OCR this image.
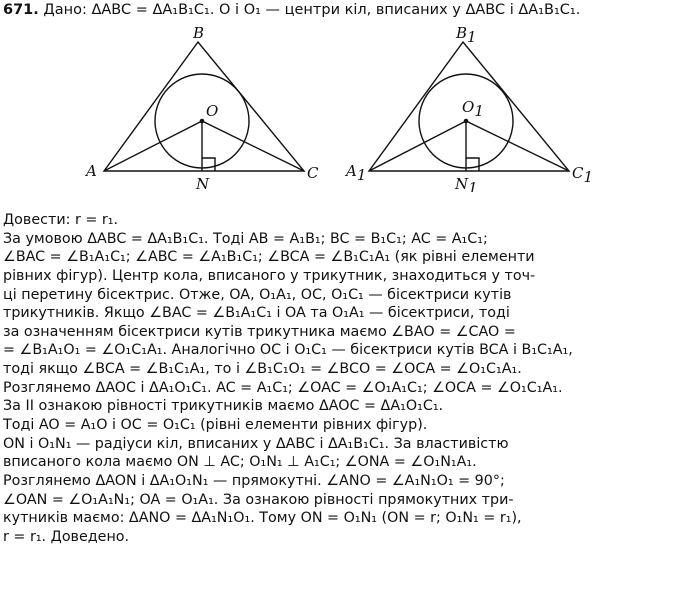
671. Дано: ΔABC = ΔA₁B₁C₁. O і O₁ — центри кіл, вписаних у ΔABC і ΔA₁B₁C₁.
B
A	C
O
N
B1
A1	C1
O1
N1
Довести: r = r₁.
За умовою ΔABC = ΔA₁B₁C₁. Тоді AB = A₁B₁; BC = B₁C₁; AC = A₁C₁;
∠BAC = ∠B₁A₁C₁; ∠ABC = ∠A₁B₁C₁; ∠BCA = ∠B₁C₁A₁ (як рівні елементи
рівних фігур). Центр кола, вписаного у трикутник, знаходиться у точ-
ці перетину бісектрис. Отже, OA, O₁A₁, OC, O₁C₁ — бісектриси кутів
трикутників. Якщо ∠BAC = ∠B₁A₁C₁ і OA та O₁A₁ — бісектриси, тоді
за означенням бісектриси кутів трикутника маємо ∠BAO = ∠CAO =
= ∠B₁A₁O₁ = ∠O₁C₁A₁. Аналогічно OC і O₁C₁ — бісектриси кутів BCA і B₁C₁A₁,
тоді якщо ∠BCA = ∠B₁C₁A₁, то і ∠B₁C₁O₁ = ∠BCO = ∠OCA = ∠O₁C₁A₁.
Розглянемо ΔAOC і ΔA₁O₁C₁. AC = A₁C₁; ∠OAC = ∠O₁A₁C₁; ∠OCA = ∠O₁C₁A₁.
За II ознакою рівності трикутників маємо ΔAOC = ΔA₁O₁C₁.
Тоді AO = A₁O і OC = O₁C₁ (рівні елементи рівних фігур).
ON і O₁N₁ — радіуси кіл, вписаних у ΔABC і ΔA₁B₁C₁. За властивістю
вписаного кола маємо ON ⊥ AC; O₁N₁ ⊥ A₁C₁; ∠ONA = ∠O₁N₁A₁.
Розглянемо ΔAON і ΔA₁O₁N₁ — прямокутні. ∠ANO = ∠A₁N₁O₁ = 90°;
∠OAN = ∠O₁A₁N₁; OA = O₁A₁. За ознакою рівності прямокутних три-
кутників маємо: ΔANO = ΔA₁N₁O₁. Тому ON = O₁N₁ (ON = r; O₁N₁ = r₁),
r = r₁. Доведено.
